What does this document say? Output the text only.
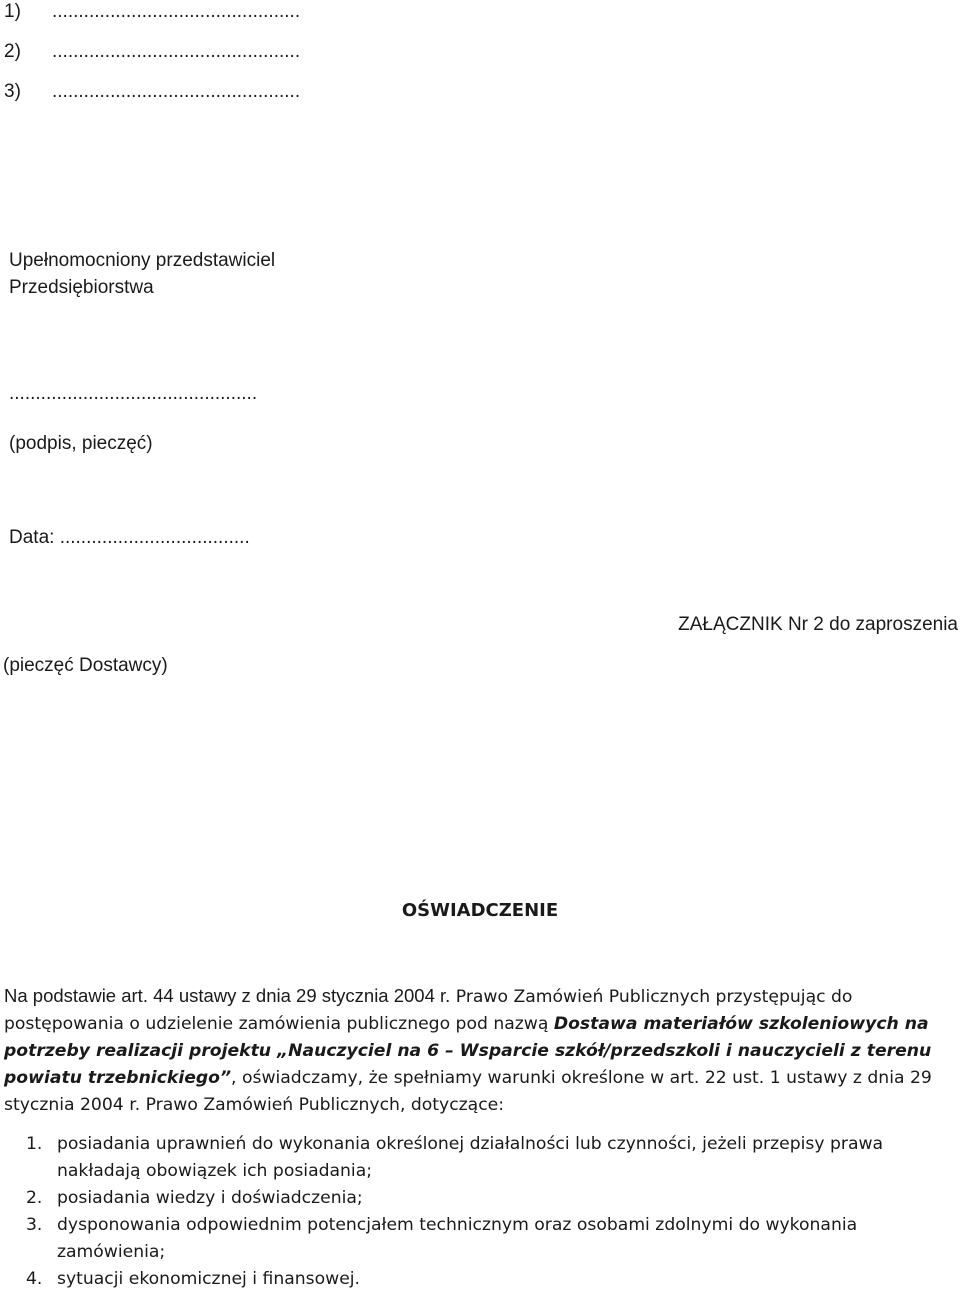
1)	...............................................
2)	...............................................
3)	...............................................
Upełnomocniony przedstawiciel
Przedsiębiorstwa
...............................................
(podpis, pieczęć)
Data: ....................................
ZAŁĄCZNIK Nr 2 do zaproszenia
(pieczęć Dostawcy)
OŚWIADCZENIE

Na podstawie art. 44 ustawy z dnia 29 stycznia 2004 r. Prawo Zamówień Publicznych przystępując do postępowania o udzielenie zamówienia publicznego pod nazwą Dostawa materiałów szkoleniowych na potrzeby realizacji projektu „Nauczyciel na 6 – Wsparcie szkół/przedszkoli i nauczycieli z terenu powiatu trzebnickiego”, oświadczamy, że spełniamy warunki określone w art. 22 ust. 1 ustawy z dnia 29 stycznia 2004 r. Prawo Zamówień Publicznych, dotyczące:

1. posiadania uprawnień do wykonania określonej działalności lub czynności, jeżeli przepisy prawa nakładają obowiązek ich posiadania;
2. posiadania wiedzy i doświadczenia;
3. dysponowania odpowiednim potencjałem technicznym oraz osobami zdolnymi do wykonania zamówienia;
4. sytuacji ekonomicznej i finansowej.
